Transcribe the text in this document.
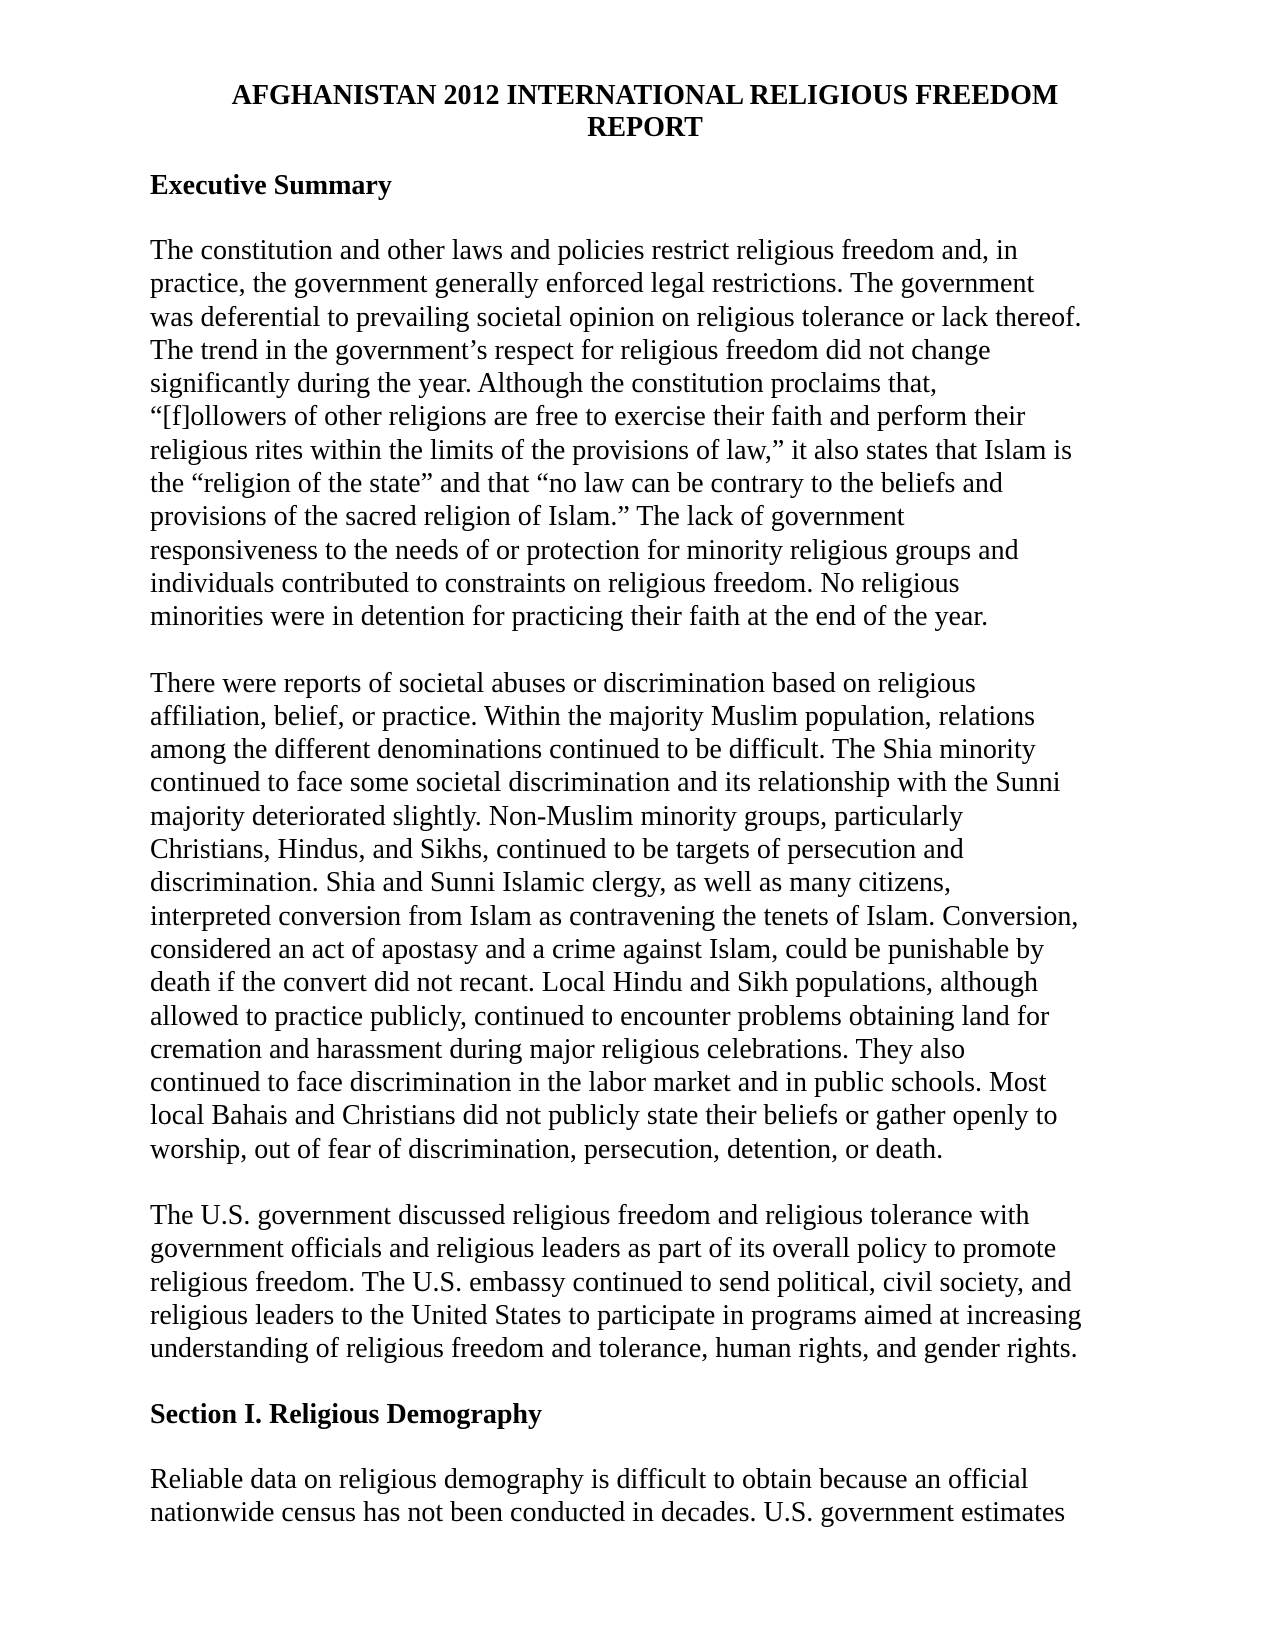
AFGHANISTAN 2012 INTERNATIONAL RELIGIOUS FREEDOM
REPORT
Executive Summary

The constitution and other laws and policies restrict religious freedom and, in
practice, the government generally enforced legal restrictions. The government
was deferential to prevailing societal opinion on religious tolerance or lack thereof.
The trend in the government’s respect for religious freedom did not change
significantly during the year. Although the constitution proclaims that,
“[f]ollowers of other religions are free to exercise their faith and perform their
religious rites within the limits of the provisions of law,” it also states that Islam is
the “religion of the state” and that “no law can be contrary to the beliefs and
provisions of the sacred religion of Islam.” The lack of government
responsiveness to the needs of or protection for minority religious groups and
individuals contributed to constraints on religious freedom. No religious
minorities were in detention for practicing their faith at the end of the year.

There were reports of societal abuses or discrimination based on religious
affiliation, belief, or practice. Within the majority Muslim population, relations
among the different denominations continued to be difficult. The Shia minority
continued to face some societal discrimination and its relationship with the Sunni
majority deteriorated slightly. Non-Muslim minority groups, particularly
Christians, Hindus, and Sikhs, continued to be targets of persecution and
discrimination. Shia and Sunni Islamic clergy, as well as many citizens,
interpreted conversion from Islam as contravening the tenets of Islam. Conversion,
considered an act of apostasy and a crime against Islam, could be punishable by
death if the convert did not recant. Local Hindu and Sikh populations, although
allowed to practice publicly, continued to encounter problems obtaining land for
cremation and harassment during major religious celebrations. They also
continued to face discrimination in the labor market and in public schools. Most
local Bahais and Christians did not publicly state their beliefs or gather openly to
worship, out of fear of discrimination, persecution, detention, or death.

The U.S. government discussed religious freedom and religious tolerance with
government officials and religious leaders as part of its overall policy to promote
religious freedom. The U.S. embassy continued to send political, civil society, and
religious leaders to the United States to participate in programs aimed at increasing
understanding of religious freedom and tolerance, human rights, and gender rights.

Section I. Religious Demography

Reliable data on religious demography is difficult to obtain because an official
nationwide census has not been conducted in decades. U.S. government estimates
